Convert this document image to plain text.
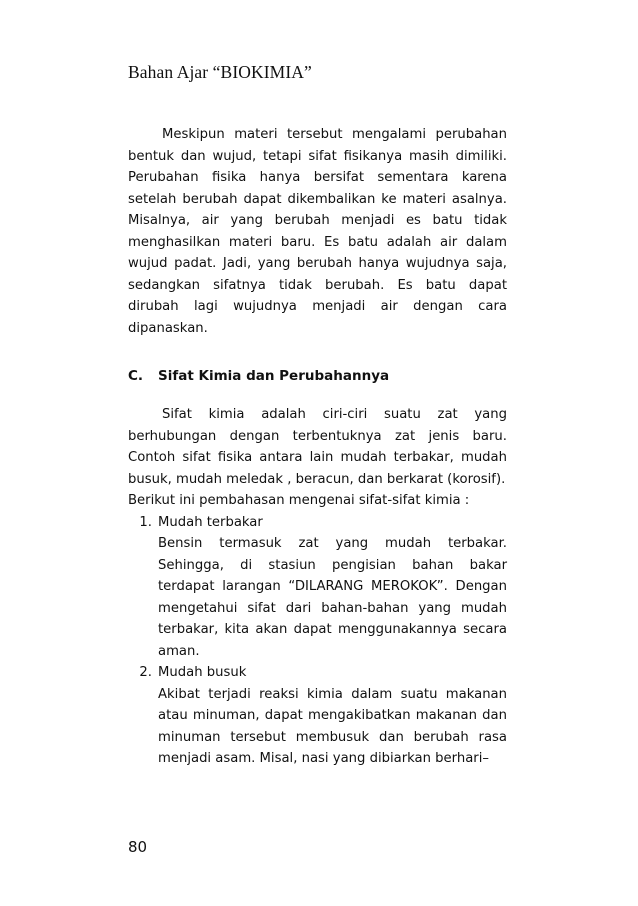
Bahan Ajar “BIOKIMIA”

Meskipun materi tersebut mengalami perubahan bentuk dan wujud, tetapi sifat fisikanya masih dimiliki. Perubahan fisika hanya bersifat sementara karena setelah berubah dapat dikembalikan ke materi asalnya. Misalnya, air yang berubah menjadi es batu tidak menghasilkan materi baru. Es batu adalah air dalam wujud padat. Jadi, yang berubah hanya wujudnya saja, sedangkan sifatnya tidak berubah. Es batu dapat dirubah lagi wujudnya menjadi air dengan cara dipanaskan.

C. Sifat Kimia dan Perubahannya

Sifat kimia adalah ciri-ciri suatu zat yang berhubungan dengan terbentuknya zat jenis baru. Contoh sifat fisika antara lain mudah terbakar, mudah busuk, mudah meledak , beracun, dan berkarat (korosif).

Berikut ini pembahasan mengenai sifat-sifat kimia :

1. Mudah terbakar
Bensin termasuk zat yang mudah terbakar. Sehingga, di stasiun pengisian bahan bakar terdapat larangan “DILARANG MEROKOK”. Dengan mengetahui sifat dari bahan-bahan yang mudah terbakar, kita akan dapat menggunakannya secara aman.
2. Mudah busuk
Akibat terjadi reaksi kimia dalam suatu makanan atau minuman, dapat mengakibatkan makanan dan minuman tersebut membusuk dan berubah rasa menjadi asam. Misal, nasi yang dibiarkan berhari–
80
